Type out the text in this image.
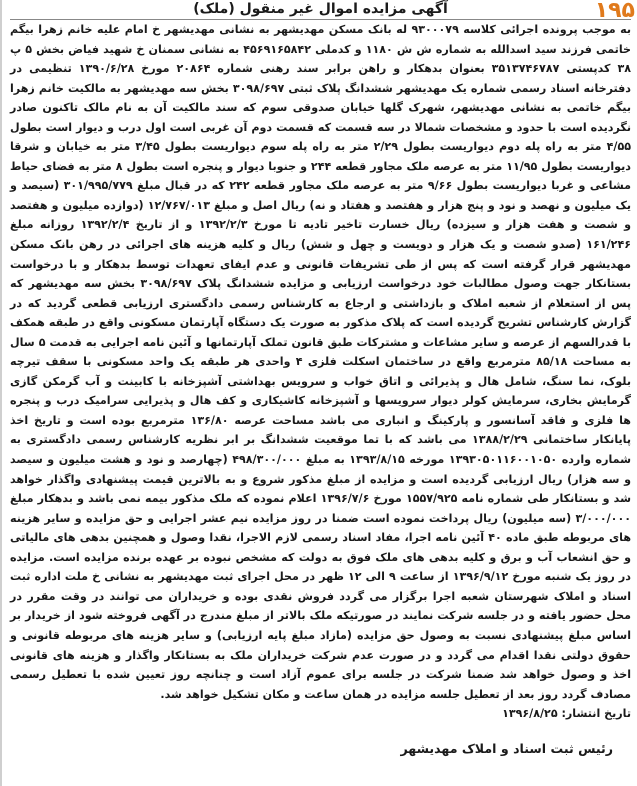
۱۹۵
آگهی مزایده اموال غیر منقول (ملک)

به موجب پرونده اجرائی کلاسه ۹۳۰۰۰۷۹ له بانک مسکن مهدیشهر به نشانی مهدیشهر خ امام علیه خانم زهرا بیگم خاتمی فرزند سید اسدالله به شماره ش ش ۱۱۸۰ و کدملی ۴۵۶۹۱۶۵۸۴۲ به نشانی سمنان خ شهید فیاض بخش ۵ پ ۳۸ کدپستی ۳۵۱۳۷۴۶۷۸۷ بعنوان بدهکار و راهن برابر سند رهنی شماره ۲۰۸۶۴ مورخ ۱۳۹۰/۶/۲۸ تنظیمی در دفترخانه اسناد رسمی شماره یک مهدیشهر ششدانگ پلاک ثبتی ۳۰۹۸/۶۹۷ بخش سه مهدیشهر به مالکیت خانم زهرا بیگم خاتمی به نشانی مهدیشهر، شهرک گلها خیابان صدوقی سوم که سند مالکیت آن به نام مالک تاکنون صادر نگردیده است با حدود و مشخصات شمالا در سه قسمت که قسمت دوم آن غربی است اول درب و دیوار است بطول ۴/۵۵ متر به راه پله دوم دیواریست بطول ۲/۲۹ متر به راه پله سوم دیواریست بطول ۳/۴۵ متر به خیابان و شرقا دیواریست بطول ۱۱/۹۵ متر به عرصه ملک مجاور قطعه ۲۴۴ و جنوبا دیوار و پنجره است بطول ۸ متر به فضای حیاط مشاعی و غربا دیواریست بطول ۹/۶۶ متر به عرصه ملک مجاور قطعه ۲۴۲ که در قبال مبلغ ۳۰۱/۹۹۵/۷۷۹ (سیصد و یک میلیون و نهصد و نود و پنج هزار و هفتصد و هفتاد و نه) ریال اصل و مبلغ ۱۲/۷۶۷/۰۱۳ (دوازده میلیون و هفتصد و شصت و هفت هزار و سیزده) ریال خسارت تاخیر تادیه تا مورخ ۱۳۹۲/۲/۳ و از تاریخ ۱۳۹۲/۲/۴ روزانه مبلغ ۱۶۱/۲۴۶ (صدو شصت و یک هزار و دویست و چهل و شش) ریال و کلیه هزینه های اجرائی در رهن بانک مسکن مهدیشهر قرار گرفته است که پس از طی تشریفات قانونی و عدم ایفای تعهدات توسط بدهکار و با درخواست بستانکار جهت وصول مطالبات خود درخواست ارزیابی و مزایده ششدانگ پلاک ۳۰۹۸/۶۹۷ بخش سه مهدیشهر که پس از استعلام از شعبه املاک و بازداشتی و ارجاع به کارشناس رسمی دادگستری ارزیابی قطعی گردید که در گزارش کارشناس تشریح گردیده است که پلاک مذکور به صورت یک دستگاه آپارتمان مسکونی واقع در طبقه همکف با قدرالسهم از عرصه و سایر مشاعات و مشترکات طبق قانون تملک آپارتمانها و آئین نامه اجرایی به قدمت ۵ سال به مساحت ۸۵/۱۸ مترمربع واقع در ساختمان اسکلت فلزی ۴ واحدی هر طبقه یک واحد مسکونی با سقف تیرچه بلوک، نما سنگ، شامل هال و پذیرائی و اتاق خواب و سرویس بهداشتی آشپزخانه با کابینت و آب گرمکن گازی گرمایش بخاری، سرمایش کولر دیوار سرویسها و آشپزخانه کاشیکاری و کف هال و پذیرایی سرامیک درب و پنجره ها فلزی و فاقد آسانسور و پارکینگ و انباری می باشد مساحت عرصه ۱۳۶/۸۰ مترمربع بوده است و تاریخ اخذ پایانکار ساختمانی ۱۳۸۸/۲/۲۹ می باشد که با تما موقعیت ششدانگ بر ابر نظریه کارشناس رسمی دادگستری به شماره وارده ۱۳۹۳۰۵۰۱۱۶۰۰۱۰۵۰ مورخه ۱۳۹۳/۸/۱۵ به مبلغ ۴۹۸/۳۰۰/۰۰۰ (چهارصد و نود و هشت میلیون و سیصد و سه هزار) ریال ارزیابی گردیده است و مزایده از مبلغ مذکور شروع و به بالاترین قیمت پیشنهادی واگذار خواهد شد و بستانکار طی شماره نامه ۱۵۵۷/۹۲۵ مورخ ۱۳۹۶/۷/۶ اعلام نموده که ملک مذکور بیمه نمی باشد و بدهکار مبلغ ۳/۰۰۰/۰۰۰ (سه میلیون) ریال پرداخت نموده است ضمنا در روز مزایده نیم عشر اجرایی و حق مزایده و سایر هزینه های مربوطه طبق ماده ۴۰ آئین نامه اجرا، مفاد اسناد رسمی لازم الاجرا، نقدا وصول و همچنین بدهی های مالیاتی و حق انشعاب آب و برق و کلیه بدهی های ملک فوق به دولت که مشخص نبوده بر عهده برنده مزایده است. مزایده در روز یک شنبه مورخ ۱۳۹۶/۹/۱۲ از ساعت ۹ الی ۱۲ ظهر در محل اجرای ثبت مهدیشهر به نشانی خ ملت اداره ثبت اسناد و املاک شهرستان شعبه اجرا برگزار می گردد فروش نقدی بوده و خریداران می توانند در وقت مقرر در محل حضور یافته و در جلسه شرکت نمایند در صورتیکه ملک بالاتر از مبلغ مندرج در آگهی فروخته شود از خریدار بر اساس مبلغ پیشنهادی نسبت به وصول حق مزایده (مازاد مبلغ پایه ارزیابی) و سایر هزینه های مربوطه قانونی و حقوق دولتی نقدا اقدام می گردد و در صورت عدم شرکت خریداران ملک به بستانکار واگذار و هزینه های قانونی اخذ و وصول خواهد شد ضمنا شرکت در جلسه برای عموم آزاد است و چنانچه روز تعیین شده با تعطیل رسمی مصادف گردد روز بعد از تعطیل جلسه مزایده در همان ساعت و مکان تشکیل خواهد شد.
تاریخ انتشار: ۱۳۹۶/۸/۲۵

رئیس ثبت اسناد و املاک مهدیشهر
